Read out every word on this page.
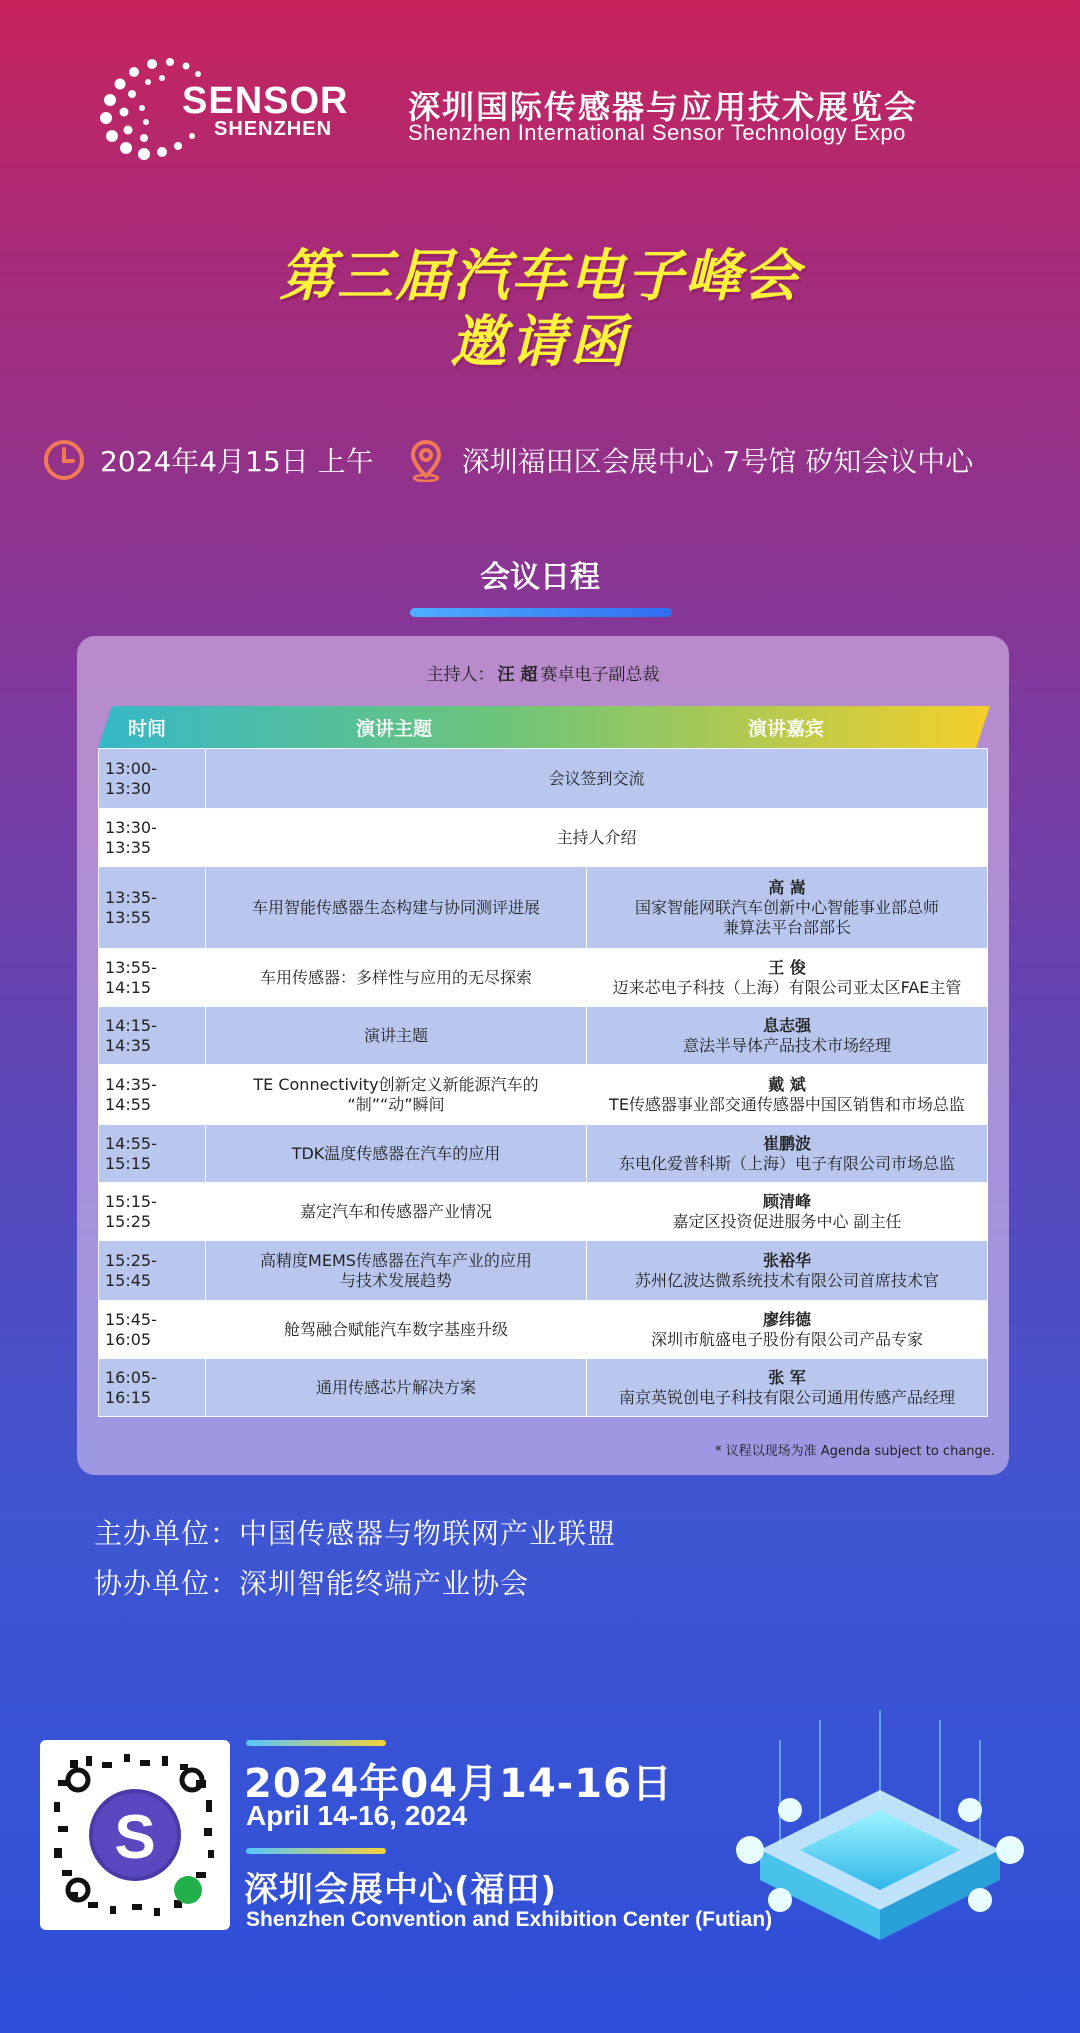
SENSOR
SHENZHEN
深圳国际传感器与应用技术展览会
Shenzhen International Sensor Technology Expo
第三届汽车电子峰会
邀请函
2024年4月15日 上午	深圳福田区会展中心 7号馆 矽知会议中心
会议日程
主持人： 汪 超 赛卓电子副总裁
时间	演讲主题	演讲嘉宾
13:00-13:30	会议签到交流	
13:30-13:35	主持人介绍	
13:35-13:55	车用智能传感器生态构建与协同测评进展	高 嵩
国家智能网联汽车创新中心智能事业部总师
兼算法平台部部长
13:55-14:15	车用传感器：多样性与应用的无尽探索	王 俊
迈来芯电子科技（上海）有限公司亚太区FAE主管
14:15-14:35	演讲主题	息志强
意法半导体产品技术市场经理
14:35-14:55	TE Connectivity创新定义新能源汽车的
“制”“动”瞬间	戴 斌
TE传感器事业部交通传感器中国区销售和市场总监
14:55-15:15	TDK温度传感器在汽车的应用	崔鹏波
东电化爱普科斯（上海）电子有限公司市场总监
15:15-15:25	嘉定汽车和传感器产业情况	顾清峰
嘉定区投资促进服务中心 副主任
15:25-15:45	高精度MEMS传感器在汽车产业的应用
与技术发展趋势	张裕华
苏州亿波达微系统技术有限公司首席技术官
15:45-16:05	舱驾融合赋能汽车数字基座升级	廖纬德
深圳市航盛电子股份有限公司产品专家
16:05-16:15	通用传感芯片解决方案	张 军
南京英锐创电子科技有限公司通用传感产品经理
* 议程以现场为准 Agenda subject to change.
主办单位：中国传感器与物联网产业联盟
协办单位：深圳智能终端产业协会
S
2024年04月14-16日
April 14-16, 2024
深圳会展中心(福田)
Shenzhen Convention and Exhibition Center (Futian)
